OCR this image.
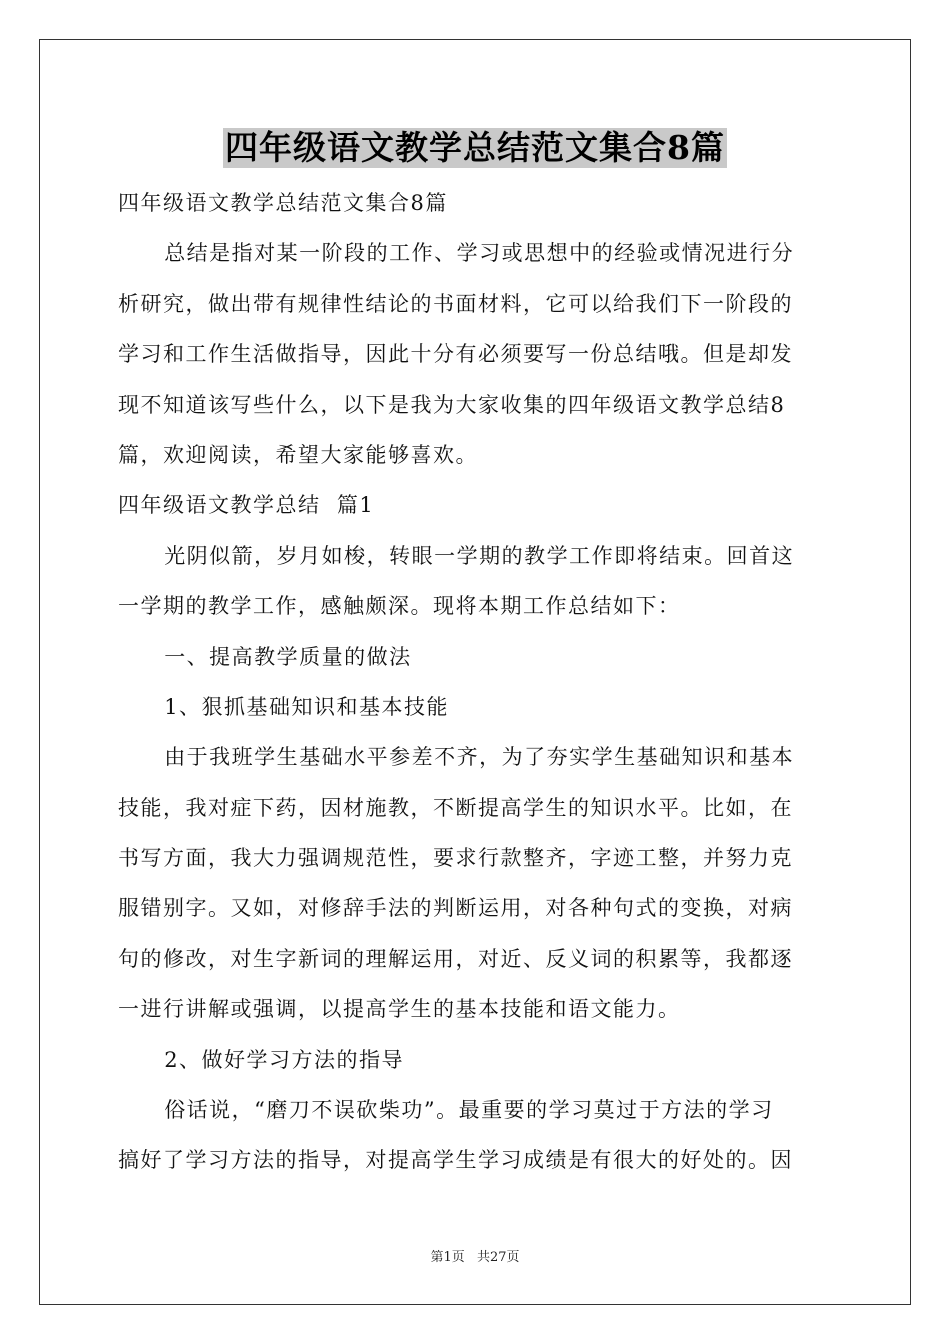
四年级语文教学总结范文集合8篇

四年级语文教学总结范文集合8篇

总结是指对某一阶段的工作、学习或思想中的经验或情况进行分

析研究，做出带有规律性结论的书面材料，它可以给我们下一阶段的

学习和工作生活做指导，因此十分有必须要写一份总结哦。但是却发

现不知道该写些什么，以下是我为大家收集的四年级语文教学总结8

篇，欢迎阅读，希望大家能够喜欢。

四年级语文教学总结  篇1

光阴似箭，岁月如梭，转眼一学期的教学工作即将结束。回首这

一学期的教学工作，感触颇深。现将本期工作总结如下：

一、提高教学质量的做法

1、狠抓基础知识和基本技能

由于我班学生基础水平参差不齐，为了夯实学生基础知识和基本

技能，我对症下药，因材施教，不断提高学生的知识水平。比如，在

书写方面，我大力强调规范性，要求行款整齐，字迹工整，并努力克

服错别字。又如，对修辞手法的判断运用，对各种句式的变换，对病

句的修改，对生字新词的理解运用，对近、反义词的积累等，我都逐

一进行讲解或强调，以提高学生的基本技能和语文能力。

2、做好学习方法的指导

俗话说，“磨刀不误砍柴功”。最重要的学习莫过于方法的学习

搞好了学习方法的指导，对提高学生学习成绩是有很大的好处的。因

第1页 共27页
